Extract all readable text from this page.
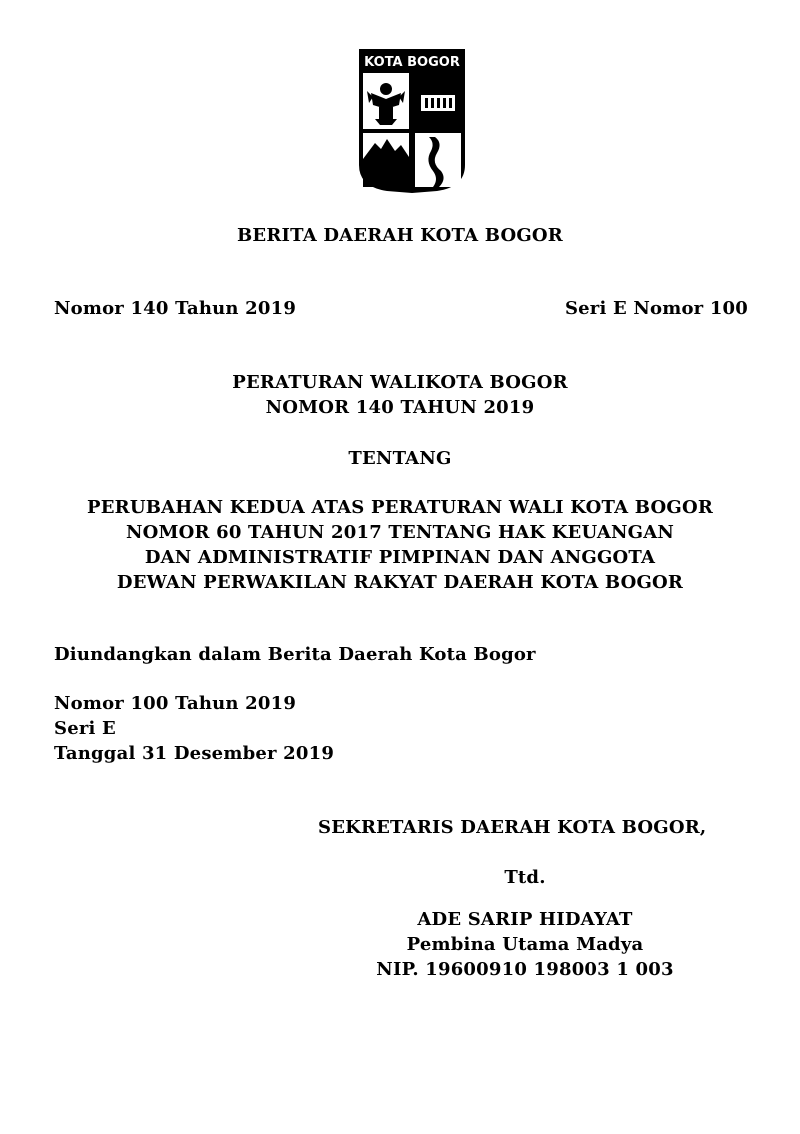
KOTA BOGOR
BERITA DAERAH KOTA BOGOR
Nomor 140 Tahun 2019	Seri E Nomor 100
PERATURAN WALIKOTA BOGOR
NOMOR 140 TAHUN 2019
TENTANG
PERUBAHAN KEDUA ATAS PERATURAN WALI KOTA BOGOR
NOMOR 60 TAHUN 2017 TENTANG HAK KEUANGAN
DAN ADMINISTRATIF PIMPINAN DAN ANGGOTA
DEWAN PERWAKILAN RAKYAT DAERAH KOTA BOGOR
Diundangkan dalam Berita Daerah Kota Bogor
Nomor 100 Tahun 2019
Seri E
Tanggal 31 Desember 2019
SEKRETARIS DAERAH KOTA BOGOR,
Ttd.
ADE SARIP HIDAYAT
Pembina Utama Madya
NIP. 19600910 198003 1 003
